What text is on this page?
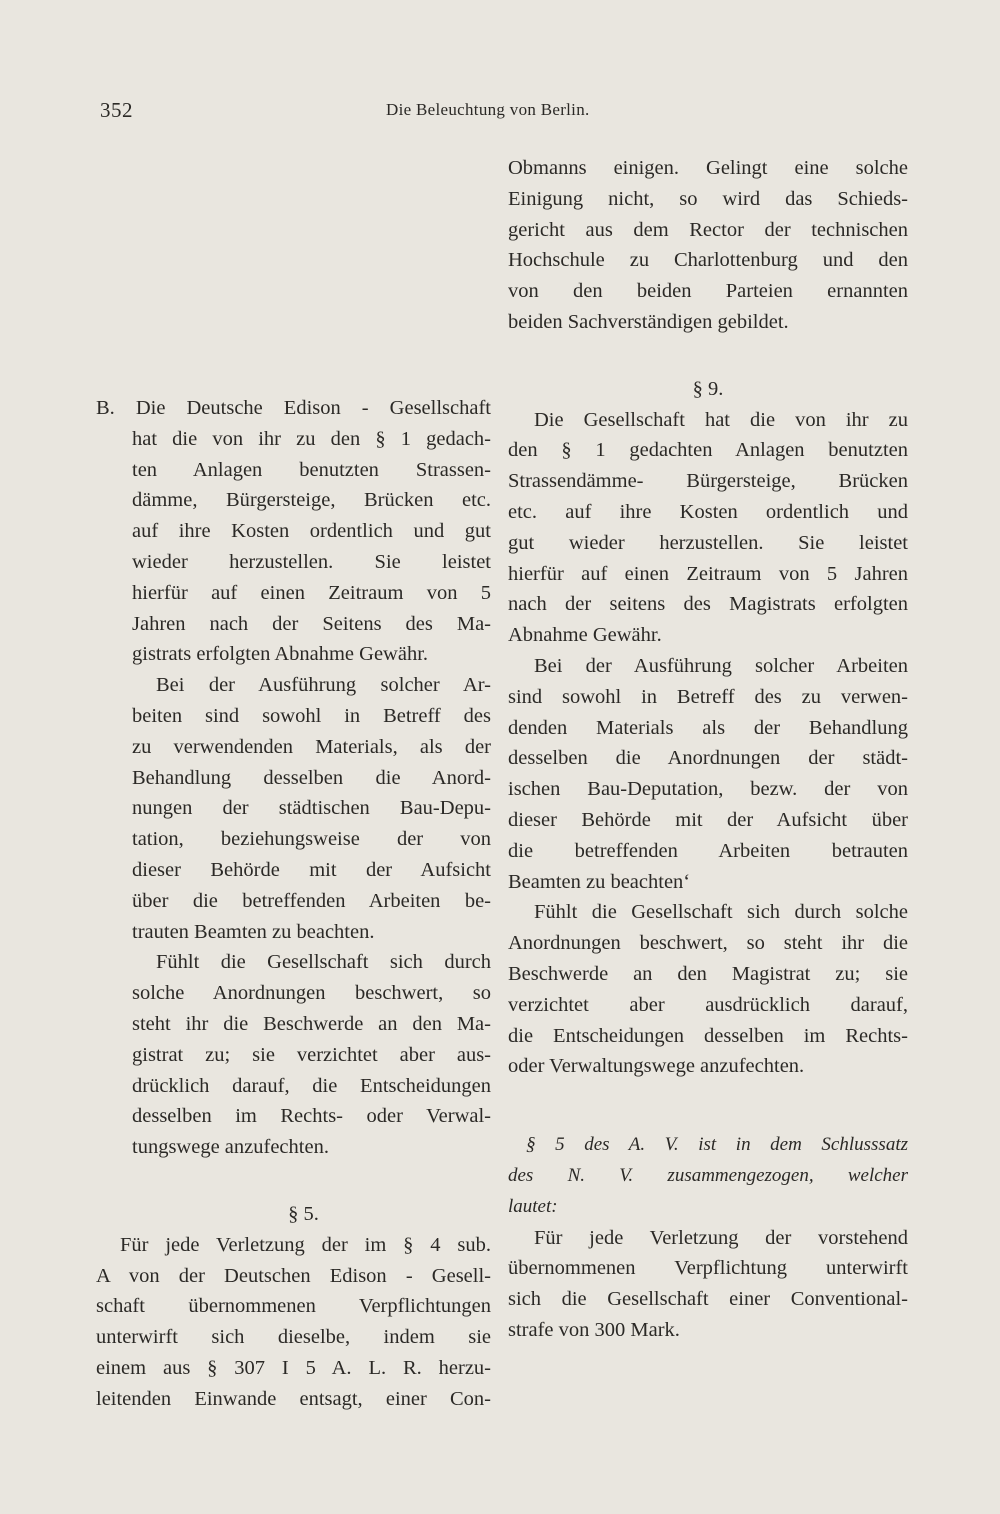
352	Die Beleuchtung von Berlin.
B. Die Deutsche Edison - Gesellschaft
hat die von ihr zu den § 1 gedach-
ten Anlagen benutzten Strassen-
dämme, Bürgersteige, Brücken etc.
auf ihre Kosten ordentlich und gut
wieder herzustellen. Sie leistet
hierfür auf einen Zeitraum von 5
Jahren nach der Seitens des Ma-
gistrats erfolgten Abnahme Gewähr.
Bei der Ausführung solcher Ar-
beiten sind sowohl in Betreff des
zu verwendenden Materials, als der
Behandlung desselben die Anord-
nungen der städtischen Bau-Depu-
tation, beziehungsweise der von
dieser Behörde mit der Aufsicht
über die betreffenden Arbeiten be-
trauten Beamten zu beachten.
Fühlt die Gesellschaft sich durch
solche Anordnungen beschwert, so
steht ihr die Beschwerde an den Ma-
gistrat zu; sie verzichtet aber aus-
drücklich darauf, die Entscheidungen
desselben im Rechts- oder Verwal-
tungswege anzufechten.
§ 5.
Für jede Verletzung der im § 4 sub.
A von der Deutschen Edison - Gesell-
schaft übernommenen Verpflichtungen
unterwirft sich dieselbe, indem sie
einem aus § 307 I 5 A. L. R. herzu-
leitenden Einwande entsagt, einer Con-
Obmanns einigen. Gelingt eine solche
Einigung nicht, so wird das Schieds-
gericht aus dem Rector der technischen
Hochschule zu Charlottenburg und den
von den beiden Parteien ernannten
beiden Sachverständigen gebildet.
§ 9.
Die Gesellschaft hat die von ihr zu
den § 1 gedachten Anlagen benutzten
Strassendämme- Bürgersteige, Brücken
etc. auf ihre Kosten ordentlich und
gut wieder herzustellen. Sie leistet
hierfür auf einen Zeitraum von 5 Jahren
nach der seitens des Magistrats erfolgten
Abnahme Gewähr.
Bei der Ausführung solcher Arbeiten
sind sowohl in Betreff des zu verwen-
denden Materials als der Behandlung
desselben die Anordnungen der städt-
ischen Bau-Deputation, bezw. der von
dieser Behörde mit der Aufsicht über
die betreffenden Arbeiten betrauten
Beamten zu beachten‘
Fühlt die Gesellschaft sich durch solche
Anordnungen beschwert, so steht ihr die
Beschwerde an den Magistrat zu; sie
verzichtet aber ausdrücklich darauf,
die Entscheidungen desselben im Rechts-
oder Verwaltungswege anzufechten.
§ 5 des A. V. ist in dem Schlusssatz
des N. V. zusammengezogen, welcher
lautet:
Für jede Verletzung der vorstehend
übernommenen Verpflichtung unterwirft
sich die Gesellschaft einer Conventional-
strafe von 300 Mark.
